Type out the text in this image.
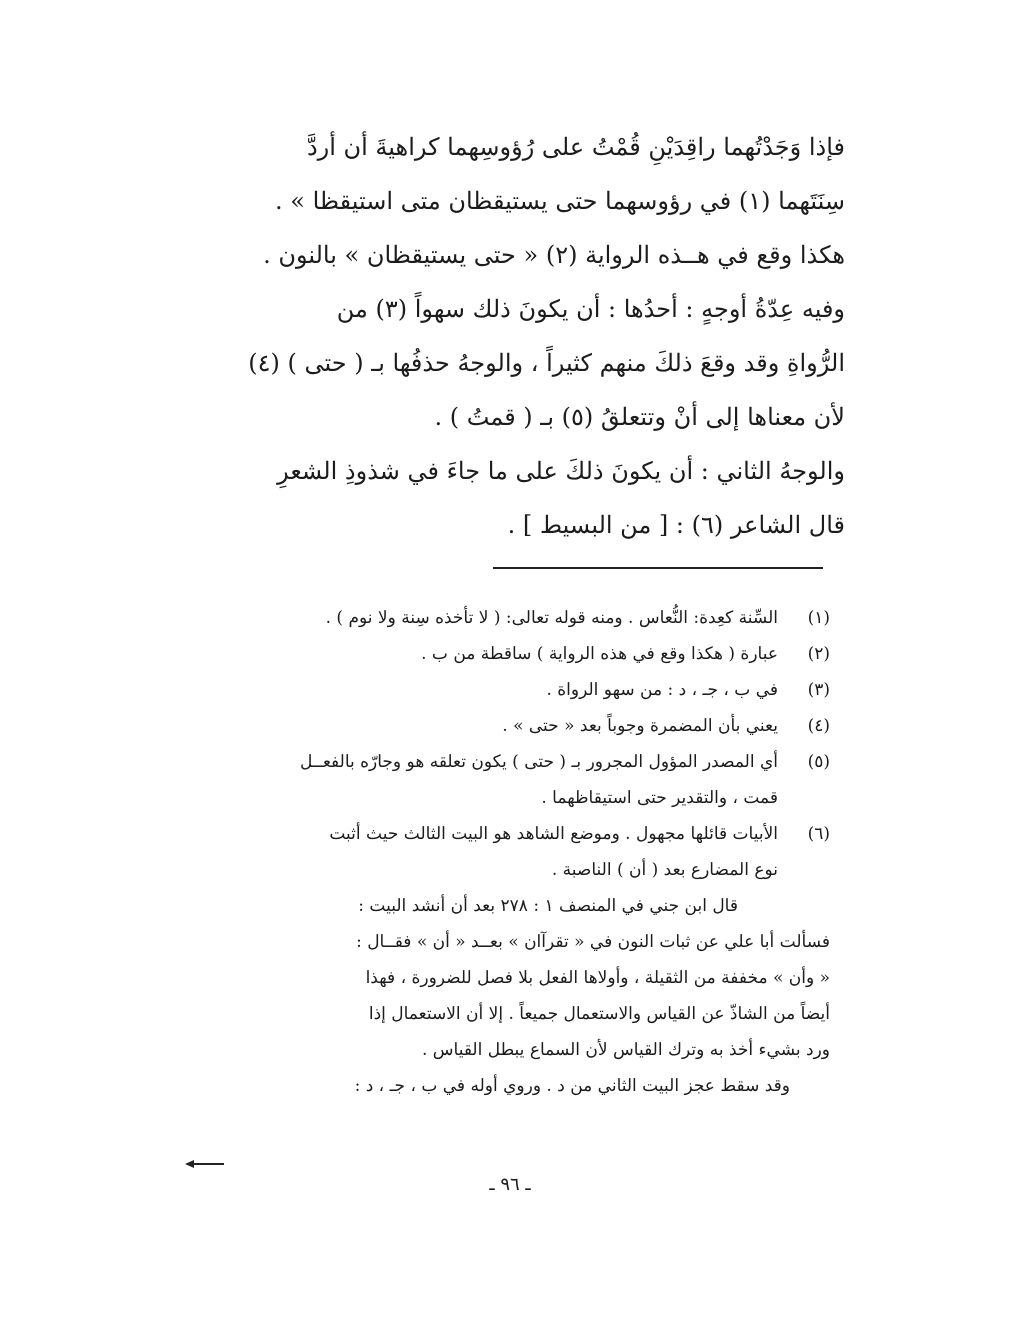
فإذا وَجَدْتُهما راقِدَيْنِ قُمْتُ على رُؤوسِهما كراهيةَ أن أردَّ
سِنَتَهما (١) في رؤوسهما حتى يستيقظان متى استيقظا » .
هكذا وقع في هــذه الرواية (٢) « حتى يستيقظان » بالنون .
وفيه عِدّةُ أوجهٍ : أحدُها : أن يكونَ ذلك سهواً (٣) من
الرُّواةِ وقد وقعَ ذلكَ منهم كثيراً ، والوجهُ حذفُها بـ ( حتى ) (٤)
لأن معناها إلى أنْ وتتعلقُ (٥) بـ ( قمتُ ) .
والوجهُ الثاني : أن يكونَ ذلكَ على ما جاءَ في شذوذِ الشعرِ
قال الشاعر (٦) : [ من البسيط ] .
(١)
السِّنة كعِدة: النُّعاس . ومنه قوله تعالى: ( لا تأخذه سِنة ولا نوم ) .
(٢)
عبارة ( هكذا وقع في هذه الرواية ) ساقطة من ب .
(٣)
في ب ، جـ ، د : من سهو الرواة .
(٤)
يعني بأن المضمرة وجوباً بعد « حتى » .
(٥)
أي المصدر المؤول المجرور بـ ( حتى ) يكون تعلقه هو وجارّه بالفعــل
قمت ، والتقدير حتى استيقاظهما .
(٦)
الأبيات قائلها مجهول . وموضع الشاهد هو البيت الثالث حيث أثبت
نوع المضارع بعد ( أن ) الناصبة .
قال ابن جني في المنصف ١ : ٢٧٨ بعد أن أنشد البيت :
فسألت أبا علي عن ثبات النون في « تقرآان » بعــد « أن » فقــال :
« وأن » مخففة من الثقيلة ، وأولاها الفعل بلا فصل للضرورة ، فهذا
أيضاً من الشاذّ عن القياس والاستعمال جميعاً . إلا أن الاستعمال إذا
ورد بشيء أخذ به وترك القياس لأن السماع يبطل القياس .
وقد سقط عجز البيت الثاني من د . وروي أوله في ب ، جـ ، د :
ـ ٩٦ ـ
